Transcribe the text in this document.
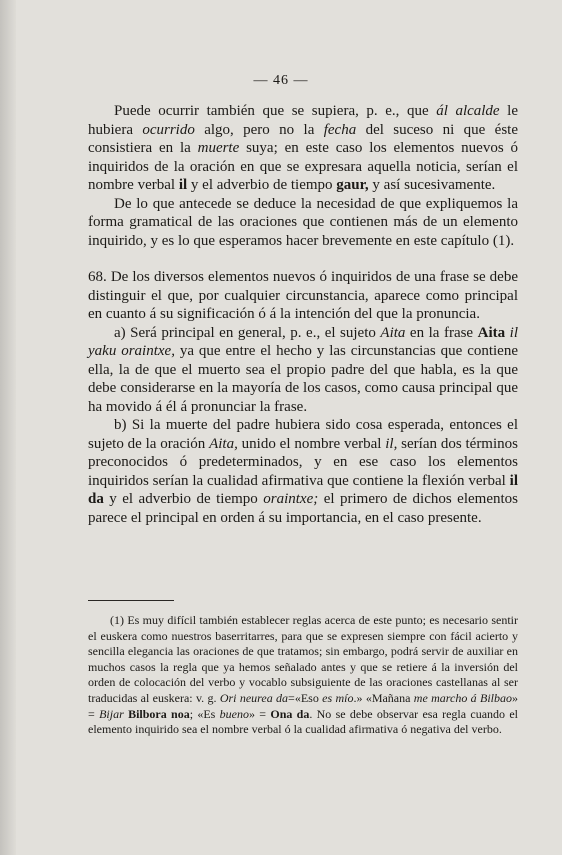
— 46 —

Puede ocurrir también que se supiera, p. e., que ál alcalde le hubiera ocurrido algo, pero no la fecha del suceso ni que éste consistiera en la muerte suya; en este caso los elementos nuevos ó inquiridos de la oración en que se expresara aquella noticia, serían el nombre verbal il y el adverbio de tiempo gaur, y así sucesivamente.

De lo que antecede se deduce la necesidad de que expliquemos la forma gramatical de las oraciones que contienen más de un elemento inquirido, y es lo que esperamos hacer brevemente en este capítulo (1).

68. De los diversos elementos nuevos ó inquiridos de una frase se debe distinguir el que, por cualquier circunstancia, aparece como principal en cuanto á su significación ó á la intención del que la pronuncia.

a) Será principal en general, p. e., el sujeto Aita en la frase Aita il yaku oraintxe, ya que entre el hecho y las circunstancias que contiene ella, la de que el muerto sea el propio padre del que habla, es la que debe considerarse en la mayoría de los casos, como causa principal que ha movido á él á pronunciar la frase.

b) Si la muerte del padre hubiera sido cosa esperada, entonces el sujeto de la oración Aita, unido el nombre verbal il, serían dos términos preconocidos ó predeterminados, y en ese caso los elementos inquiridos serían la cualidad afirmativa que contiene la flexión verbal il da y el adverbio de tiempo oraintxe; el primero de dichos elementos parece el principal en orden á su importancia, en el caso presente.

(1) Es muy difícil también establecer reglas acerca de este punto; es necesario sentir el euskera como nuestros baserritarres, para que se expresen siempre con fácil acierto y sencilla elegancia las oraciones de que tratamos; sin embargo, podrá servir de auxiliar en muchos casos la regla que ya hemos señalado antes y que se retiere á la inversión del orden de colocación del verbo y vocablo subsiguiente de las oraciones castellanas al ser traducidas al euskera: v. g. Ori neurea da=«Eso es mío.» «Mañana me marcho á Bilbao» = Bijar Bilbora noa; «Es bueno» = Ona da. No se debe observar esa regla cuando el elemento inquirido sea el nombre verbal ó la cualidad afirmativa ó negativa del verbo.
